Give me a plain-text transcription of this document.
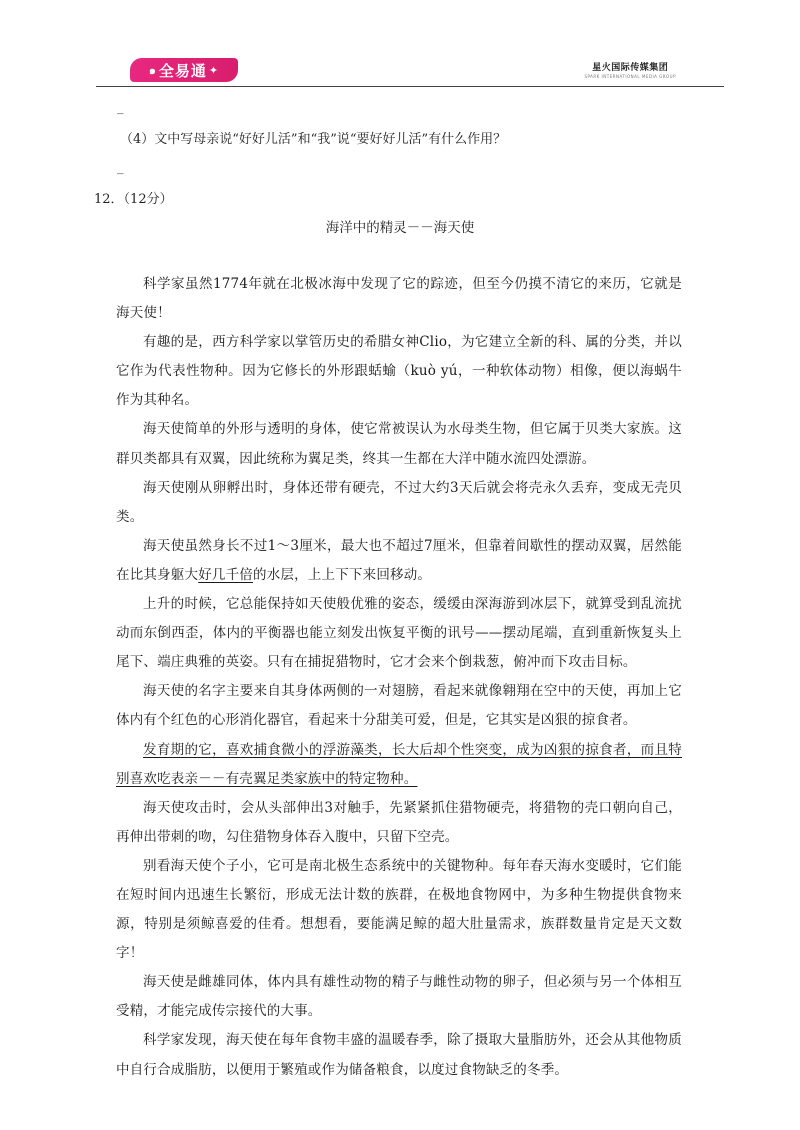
๑ 全易通 ✦	星火国际传媒集团
SPARK INTERNATIONAL MEDIA GROUP
_
（4）文中写母亲说“好好儿活”和“我”说“要好好儿活”有什么作用？
_
12．（12分）
海洋中的精灵－－海天使

科学家虽然1774年就在北极冰海中发现了它的踪迹，但至今仍摸不清它的来历，它就是海天使！

有趣的是，西方科学家以掌管历史的希腊女神Clio，为它建立全新的科、属的分类，并以它作为代表性物种。因为它修长的外形跟蛞蝓（kuò yú，一种软体动物）相像，便以海蜗牛作为其种名。

海天使简单的外形与透明的身体，使它常被误认为水母类生物，但它属于贝类大家族。这群贝类都具有双翼，因此统称为翼足类，终其一生都在大洋中随水流四处漂游。

海天使刚从卵孵出时，身体还带有硬壳，不过大约3天后就会将壳永久丢弃，变成无壳贝类。

海天使虽然身长不过1～3厘米，最大也不超过7厘米，但靠着间歇性的摆动双翼，居然能在比其身躯大好几千倍的水层，上上下下来回移动。

上升的时候，它总能保持如天使般优雅的姿态，缓缓由深海游到冰层下，就算受到乱流扰动而东倒西歪，体内的平衡器也能立刻发出恢复平衡的讯号——摆动尾端，直到重新恢复头上尾下、端庄典雅的英姿。只有在捕捉猎物时，它才会来个倒栽葱，俯冲而下攻击目标。

海天使的名字主要来自其身体两侧的一对翅膀，看起来就像翱翔在空中的天使，再加上它体内有个红色的心形消化器官，看起来十分甜美可爱，但是，它其实是凶狠的掠食者。

发育期的它，喜欢捕食微小的浮游藻类，长大后却个性突变，成为凶狠的掠食者，而且特别喜欢吃表亲－－有壳翼足类家族中的特定物种。

海天使攻击时，会从头部伸出3对触手，先紧紧抓住猎物硬壳，将猎物的壳口朝向自己，再伸出带刺的吻，勾住猎物身体吞入腹中，只留下空壳。

别看海天使个子小，它可是南北极生态系统中的关键物种。每年春天海水变暖时，它们能在短时间内迅速生长繁衍，形成无法计数的族群，在极地食物网中，为多种生物提供食物来源，特别是须鲸喜爱的佳肴。想想看，要能满足鲸的超大肚量需求，族群数量肯定是天文数字！

海天使是雌雄同体，体内具有雄性动物的精子与雌性动物的卵子，但必须与另一个体相互受精，才能完成传宗接代的大事。

科学家发现，海天使在每年食物丰盛的温暖春季，除了摄取大量脂肪外，还会从其他物质中自行合成脂肪，以便用于繁殖或作为储备粮食，以度过食物缺乏的冬季。
